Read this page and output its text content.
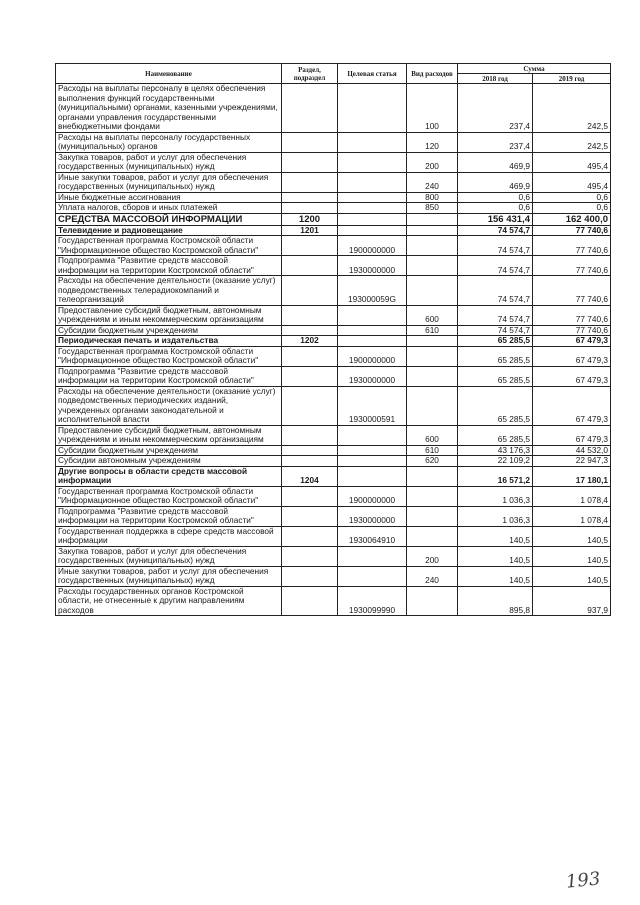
Наименование	Раздел, подраздел	Целевая статья	Вид расходов	Сумма	
				2018 год	2019 год
Расходы на выплаты персоналу в целях обеспечения выполнения функций государственными (муниципальными) органами, казенными учреждениями, органами управления государственными внебюджетными фондами			100	237,4	242,5
Расходы на выплаты персоналу государственных (муниципальных) органов			120	237,4	242,5
Закупка товаров, работ и услуг для обеспечения государственных (муниципальных) нужд			200	469,9	495,4
Иные закупки товаров, работ и услуг для обеспечения государственных (муниципальных) нужд			240	469,9	495,4
Иные бюджетные ассигнования			800	0,6	0,6
Уплата налогов, сборов и иных платежей			850	0,6	0,6
СРЕДСТВА МАССОВОЙ ИНФОРМАЦИИ	1200			156 431,4	162 400,0
Телевидение и радиовещание	1201			74 574,7	77 740,6
Государственная программа Костромской области "Информационное общество Костромской области"		1900000000		74 574,7	77 740,6
Подпрограмма "Развитие средств массовой информации на территории Костромской области"		1930000000		74 574,7	77 740,6
Расходы на обеспечение деятельности (оказание услуг) подведомственных телерадиокомпаний и телеорганизаций		193000059G		74 574,7	77 740,6
Предоставление субсидий бюджетным, автономным учреждениям и иным некоммерческим организациям			600	74 574,7	77 740,6
Субсидии бюджетным учреждениям			610	74 574,7	77 740,6
Периодическая печать и издательства	1202			65 285,5	67 479,3
Государственная программа Костромской области "Информационное общество Костромской области"		1900000000		65 285,5	67 479,3
Подпрограмма "Развитие средств массовой информации на территории Костромской области"		1930000000		65 285,5	67 479,3
Расходы на обеспечение деятельности (оказание услуг) подведомственных периодических изданий, учрежденных органами законодательной и исполнительной власти		1930000591		65 285,5	67 479,3
Предоставление субсидий бюджетным, автономным учреждениям и иным некоммерческим организациям			600	65 285,5	67 479,3
Субсидии бюджетным учреждениям			610	43 176,3	44 532,0
Субсидии автономным учреждениям			620	22 109,2	22 947,3
Другие вопросы в области средств массовой информации	1204			16 571,2	17 180,1
Государственная программа Костромской области "Информационное общество Костромской области"		1900000000		1 036,3	1 078,4
Подпрограмма "Развитие средств массовой информации на территории Костромской области"		1930000000		1 036,3	1 078,4
Государственная поддержка в сфере средств массовой информации		1930064910		140,5	140,5
Закупка товаров, работ и услуг для обеспечения государственных (муниципальных) нужд			200	140,5	140,5
Иные закупки товаров, работ и услуг для обеспечения государственных (муниципальных) нужд			240	140,5	140,5
Расходы государственных органов Костромской области, не отнесенные к другим направлениям расходов		1930099990		895,8	937,9
193
